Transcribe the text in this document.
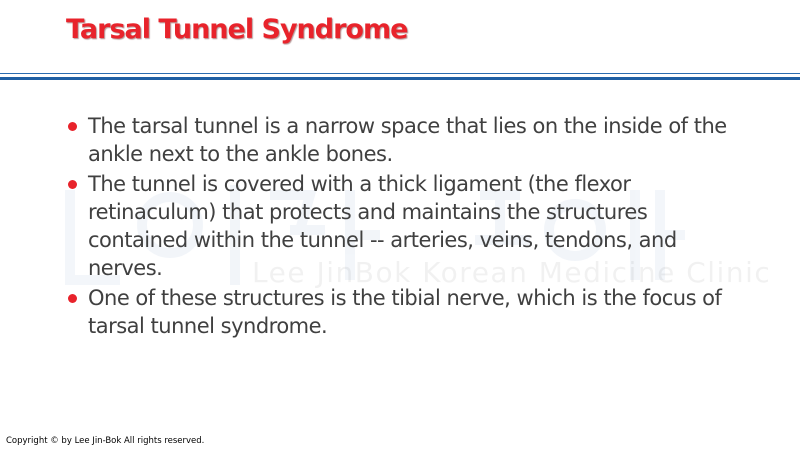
Tarsal Tunnel Syndrome
Lee JinBok Korean Medicine Clinic
The tarsal tunnel is a narrow space that lies on the inside of the ankle next to the ankle bones.
The tunnel is covered with a thick ligament (the flexor retinaculum) that protects and maintains the structures contained within the tunnel -- arteries, veins, tendons, and nerves.
One of these structures is the tibial nerve, which is the focus of tarsal tunnel syndrome.
Copyright © by Lee Jin-Bok All rights reserved.
